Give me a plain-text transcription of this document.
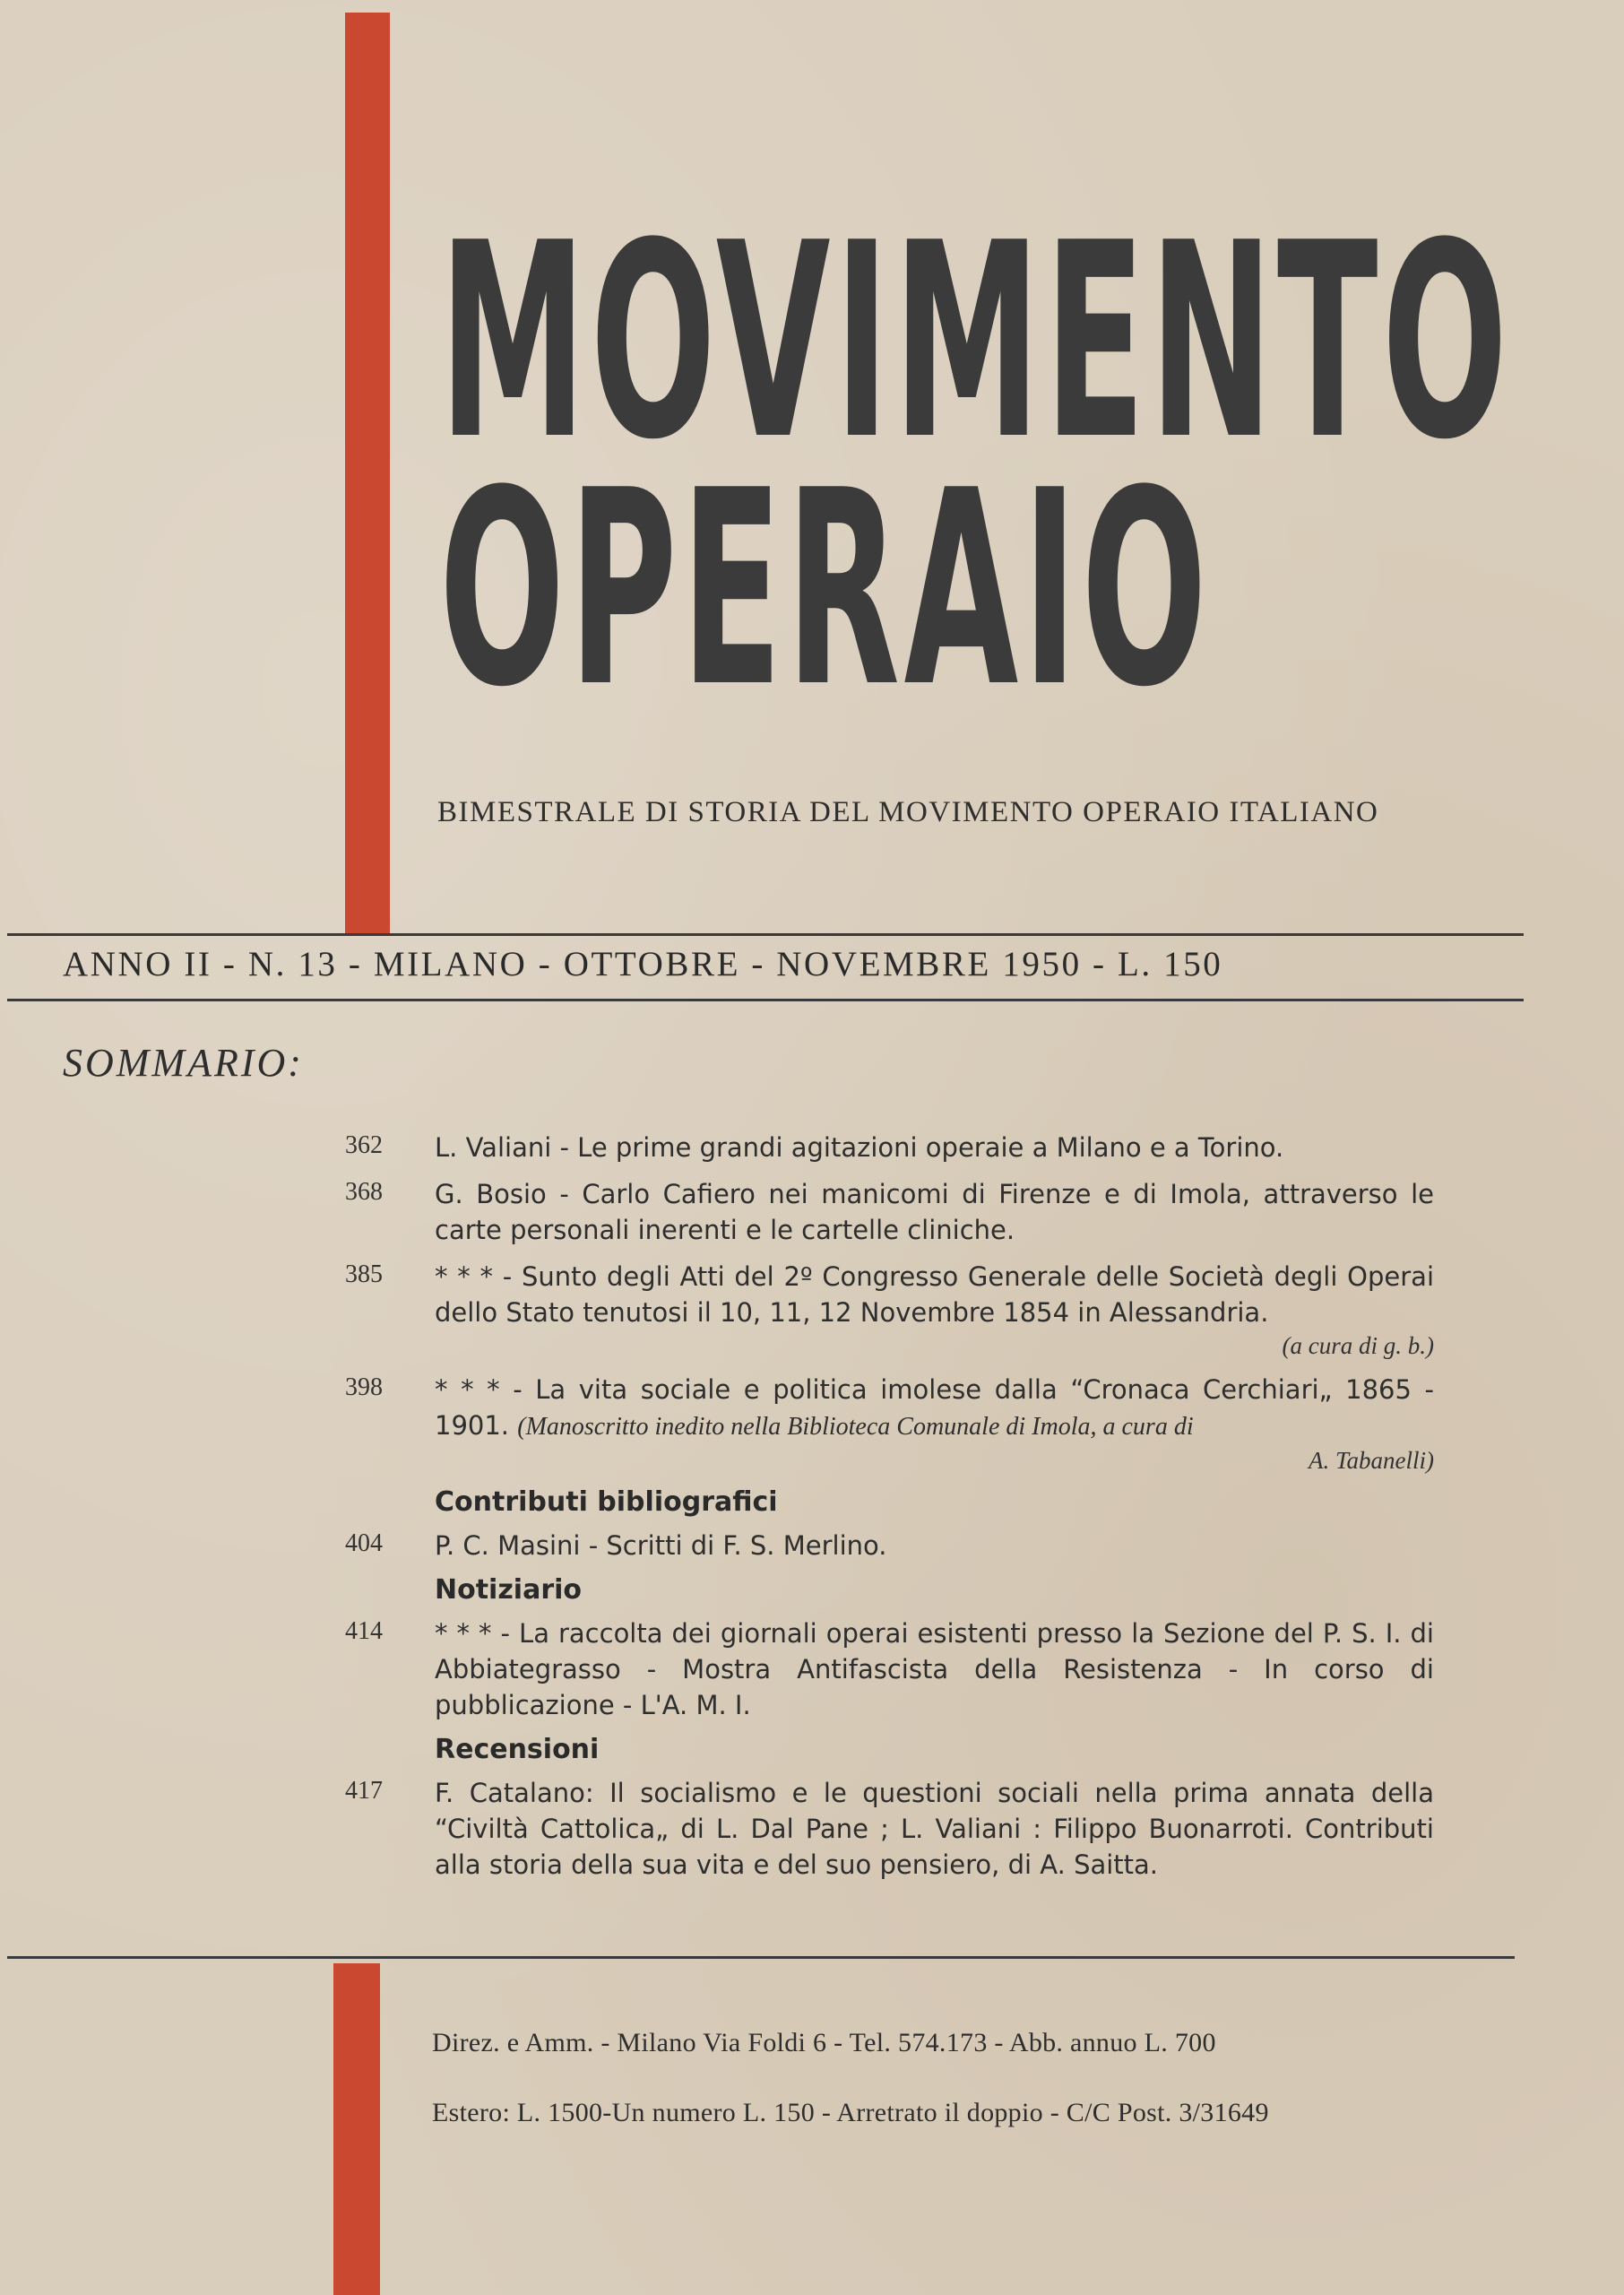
MOVIMENTO
OPERAIO
BIMESTRALE DI STORIA DEL MOVIMENTO OPERAIO ITALIANO
ANNO II - N. 13 - MILANO - OTTOBRE - NOVEMBRE 1950 - L. 150
SOMMARIO:
362 L. Valiani - Le prime grandi agitazioni operaie a Milano e a Torino.
368 G. Bosio - Carlo Cafiero nei manicomi di Firenze e di Imola, attraverso le carte personali inerenti e le cartelle cliniche.
385 * * * - Sunto degli Atti del 2º Congresso Generale delle Società degli Operai dello Stato tenutosi il 10, 11, 12 Novembre 1854 in Alessandria.
(a cura di g. b.)
398 * * * - La vita sociale e politica imolese dalla “Cronaca Cerchiari„ 1865 - 1901. (Manoscritto inedito nella Biblioteca Comunale di Imola, a cura di
A. Tabanelli)
Contributi bibliografici
404 P. C. Masini - Scritti di F. S. Merlino.
Notiziario
414 * * * - La raccolta dei giornali operai esistenti presso la Sezione del P. S. I. di Abbiategrasso - Mostra Antifascista della Resistenza - In corso di pubblicazione - L'A. M. I.
Recensioni
417 F. Catalano: Il socialismo e le questioni sociali nella prima annata della “Civiltà Cattolica„ di L. Dal Pane ; L. Valiani : Filippo Buonarroti. Contributi alla storia della sua vita e del suo pensiero, di A. Saitta.
Direz. e Amm. - Milano Via Foldi 6 - Tel. 574.173 - Abb. annuo L. 700
Estero: L. 1500-Un numero L. 150 - Arretrato il doppio - C/C Post. 3/31649
